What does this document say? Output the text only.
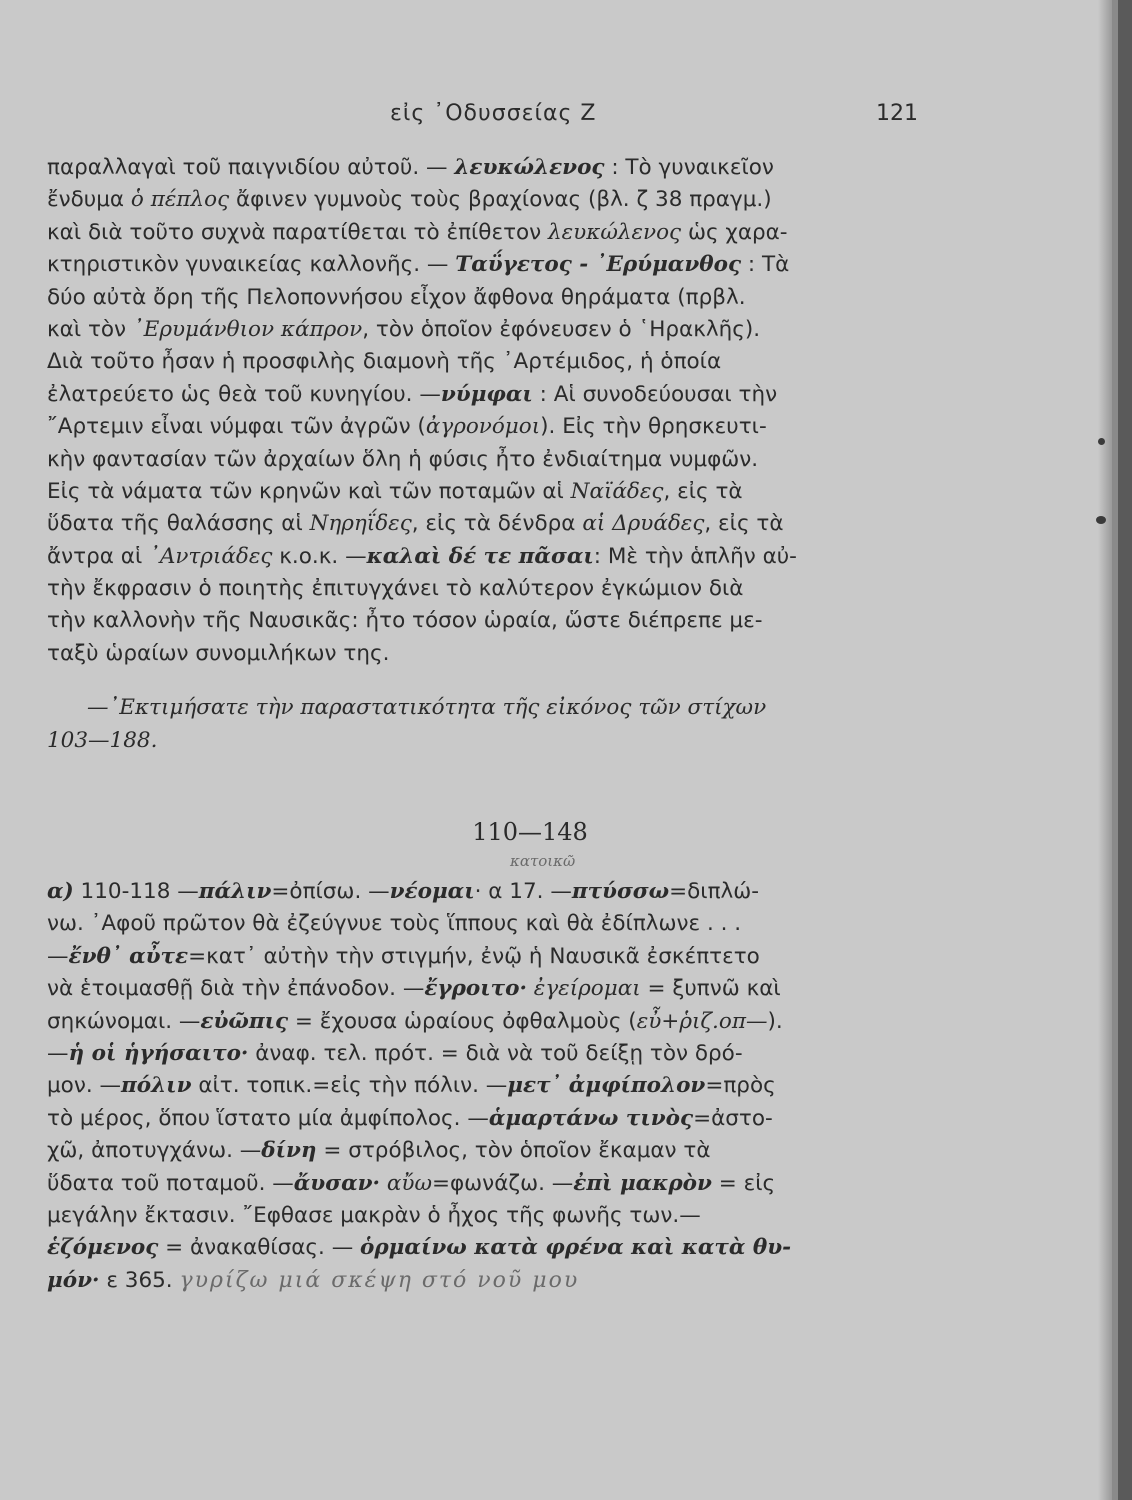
εἰς ᾿Οδυσσείας Ζ	121
παραλλαγαὶ τοῦ παιγνιδίου αὐτοῦ. — λευκώλενος : Τὸ γυναικεῖον
ἔνδυμα ὁ πέπλος ἄφινεν γυμνοὺς τοὺς βραχίονας (βλ. ζ 38 πραγμ.)
καὶ διὰ τοῦτο συχνὰ παρατίθεται τὸ ἐπίθετον λευκώλενος ὡς χαρα-
κτηριστικὸν γυναικείας καλλονῆς. — Ταΰγετος - ᾿Ερύμανθος : Τὰ
δύο αὐτὰ ὄρη τῆς Πελοποννήσου εἶχον ἄφθονα θηράματα (πρβλ.
καὶ τὸν ᾿Ερυμάνθιον κάπρον, τὸν ὁποῖον ἐφόνευσεν ὁ ῾Ηρακλῆς).
Διὰ τοῦτο ἦσαν ἡ προσφιλὴς διαμονὴ τῆς ᾿Αρτέμιδος, ἡ ὁποία
ἐλατρεύετο ὡς θεὰ τοῦ κυνηγίου. —νύμφαι : Αἱ συνοδεύουσαι τὴν
῎Αρτεμιν εἶναι νύμφαι τῶν ἀγρῶν (ἀγρονόμοι). Εἰς τὴν θρησκευτι-
κὴν φαντασίαν τῶν ἀρχαίων ὅλη ἡ φύσις ἦτο ἐνδιαίτημα νυμφῶν.
Εἰς τὰ νάματα τῶν κρηνῶν καὶ τῶν ποταμῶν αἱ Ναϊάδες, εἰς τὰ
ὕδατα τῆς θαλάσσης αἱ Νηρηΐδες, εἰς τὰ δένδρα αἱ Δρυάδες, εἰς τὰ
ἄντρα αἱ ᾿Αντριάδες κ.ο.κ. —καλαὶ δέ τε πᾶσαι: Μὲ τὴν ἁπλῆν αὐ-
τὴν ἔκφρασιν ὁ ποιητὴς ἐπιτυγχάνει τὸ καλύτερον ἐγκώμιον διὰ
τὴν καλλονὴν τῆς Ναυσικᾶς: ἦτο τόσον ὡραία, ὥστε διέπρεπε με-
ταξὺ ὡραίων συνομιλήκων της.
—᾿Εκτιμήσατε τὴν παραστατικότητα τῆς εἰκόνος τῶν στίχων
103—188.
110—148
κατοικῶ
α) 110-118 —πάλιν=ὀπίσω. —νέομαι· α 17. —πτύσσω=διπλώ-
νω. ᾿Αφοῦ πρῶτον θὰ ἐζεύγνυε τοὺς ἵππους καὶ θὰ ἐδίπλωνε . . .
—ἔνθ᾿ αὖτε=κατ᾿ αὐτὴν τὴν στιγμήν, ἐνῷ ἡ Ναυσικᾶ ἐσκέπτετο
νὰ ἑτοιμασθῇ διὰ τὴν ἐπάνοδον. —ἔγροιτο· ἐγείρομαι = ξυπνῶ καὶ
σηκώνομαι. —εὐῶπις = ἔχουσα ὡραίους ὀφθαλμοὺς (εὖ+ῥιζ.οπ—).
—ἡ οἱ ἡγήσαιτο· ἀναφ. τελ. πρότ. = διὰ νὰ τοῦ δείξῃ τὸν δρό-
μον. —πόλιν αἰτ. τοπικ.=εἰς τὴν πόλιν. —μετ᾿ ἀμφίπολον=πρὸς
τὸ μέρος, ὅπου ἵστατο μία ἀμφίπολος. —ἁμαρτάνω τινὸς=ἀστο-
χῶ, ἀποτυγχάνω. —δίνη = στρόβιλος, τὸν ὁποῖον ἔκαμαν τὰ
ὕδατα τοῦ ποταμοῦ. —ἄυσαν· αὔω=φωνάζω. —ἐπὶ μακρὸν = εἰς
μεγάλην ἔκτασιν. ῎Εφθασε μακρὰν ὁ ἦχος τῆς φωνῆς των.—
ἑζόμενος = ἀνακαθίσας. — ὁρμαίνω κατὰ φρένα καὶ κατὰ θυ-
μόν· ε 365. γυρίζω μιά σκέψη στό νοῦ μου
